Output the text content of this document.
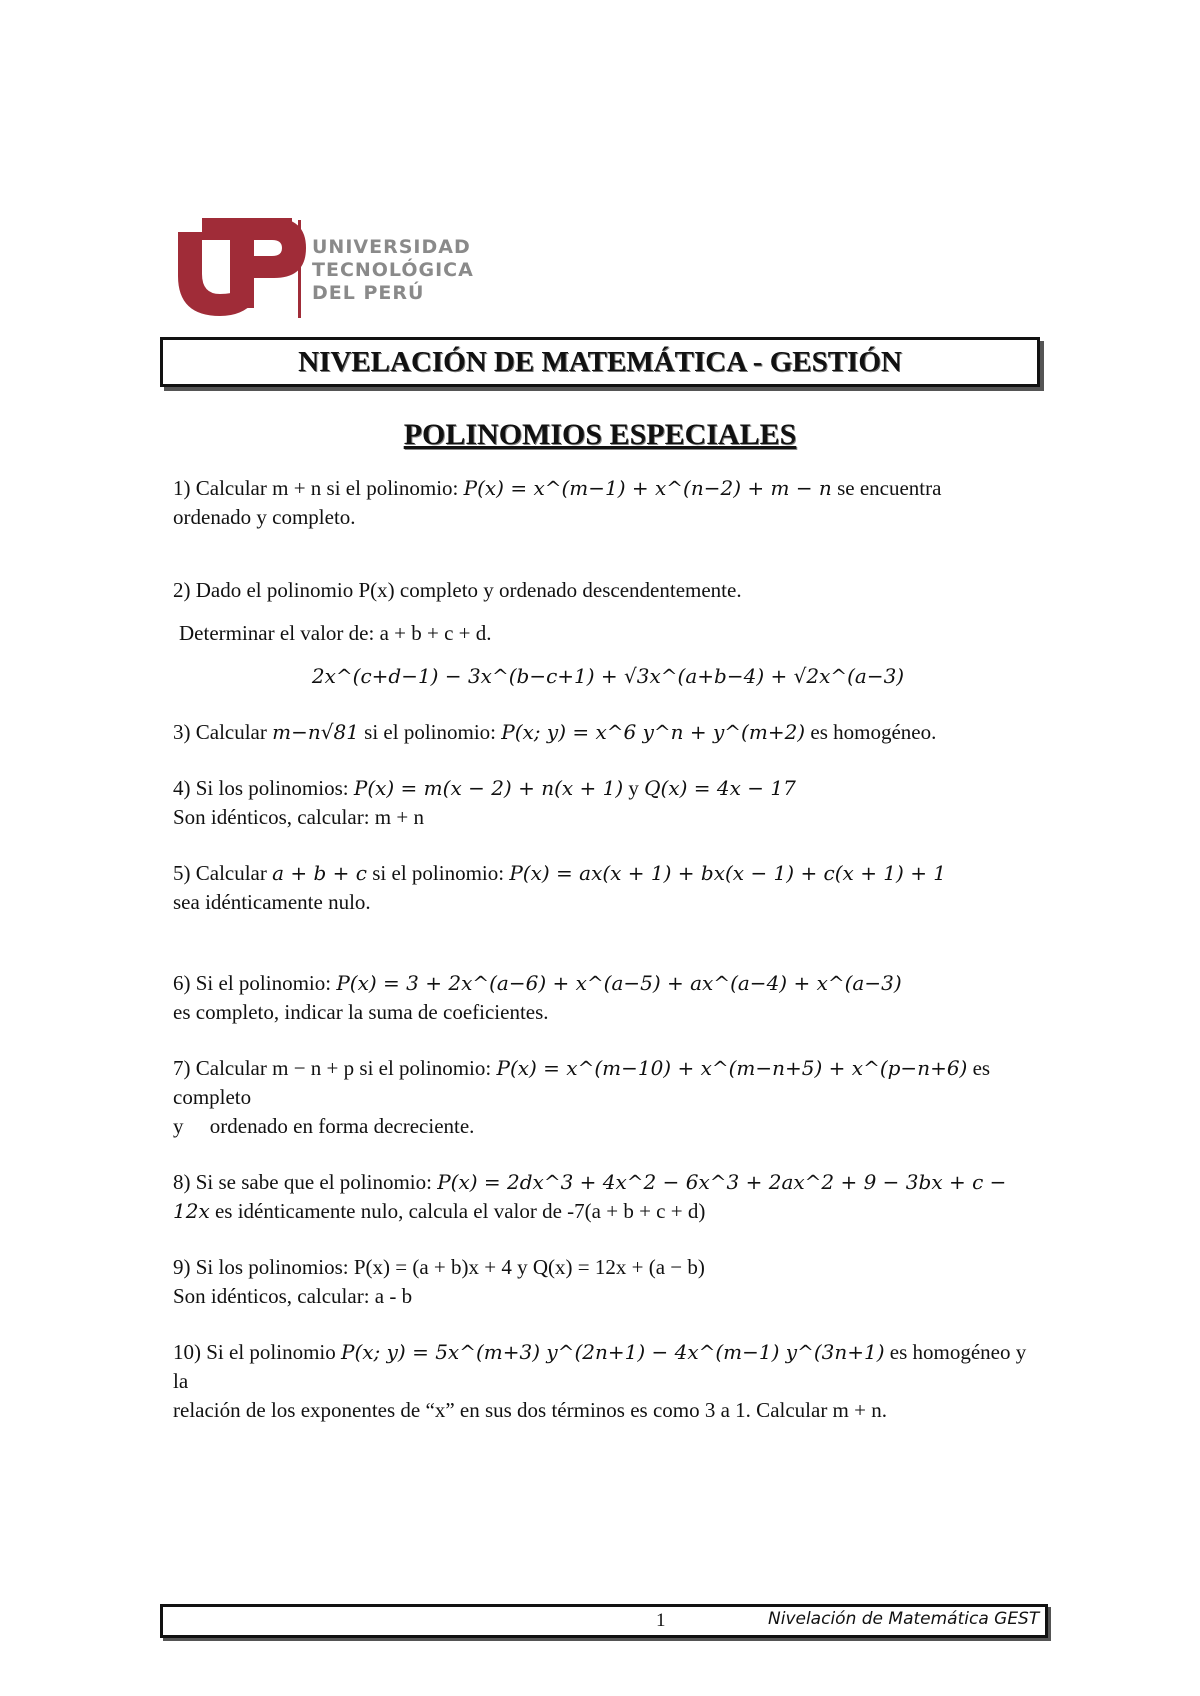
UNIVERSIDAD
TECNOLÓGICA
DEL PERÚ
NIVELACIÓN DE MATEMÁTICA - GESTIÓN
POLINOMIOS ESPECIALES

1) Calcular m + n si el polinomio: P(x) = x^(m−1) + x^(n−2) + m − n se encuentra

ordenado y completo.

2) Dado el polinomio P(x) completo y ordenado descendentemente.

Determinar el valor de: a + b + c + d.

2x^(c+d−1) − 3x^(b−c+1) + √3x^(a+b−4) + √2x^(a−3)

3) Calcular m−n√81 si el polinomio: P(x; y) = x^6 y^n + y^(m+2) es homogéneo.

4) Si los polinomios: P(x) = m(x − 2) + n(x + 1) y Q(x) = 4x − 17

Son idénticos, calcular: m + n

5) Calcular a + b + c si el polinomio: P(x) = ax(x + 1) + bx(x − 1) + c(x + 1) + 1

sea idénticamente nulo.

6) Si el polinomio: P(x) = 3 + 2x^(a−6) + x^(a−5) + ax^(a−4) + x^(a−3)

es completo, indicar la suma de coeficientes.

7) Calcular m − n + p si el polinomio: P(x) = x^(m−10) + x^(m−n+5) + x^(p−n+6) es completo

y     ordenado en forma decreciente.

8) Si se sabe que el polinomio: P(x) = 2dx^3 + 4x^2 − 6x^3 + 2ax^2 + 9 − 3bx + c −

12x es idénticamente nulo, calcula el valor de -7(a + b + c + d)

9) Si los polinomios: P(x) = (a + b)x + 4 y Q(x) = 12x + (a − b)

Son idénticos, calcular: a - b

10) Si el polinomio P(x; y) = 5x^(m+3) y^(2n+1) − 4x^(m−1) y^(3n+1) es homogéneo y la

relación de los exponentes de “x” en sus dos términos es como 3 a 1. Calcular m + n.

1	Nivelación de Matemática GEST
